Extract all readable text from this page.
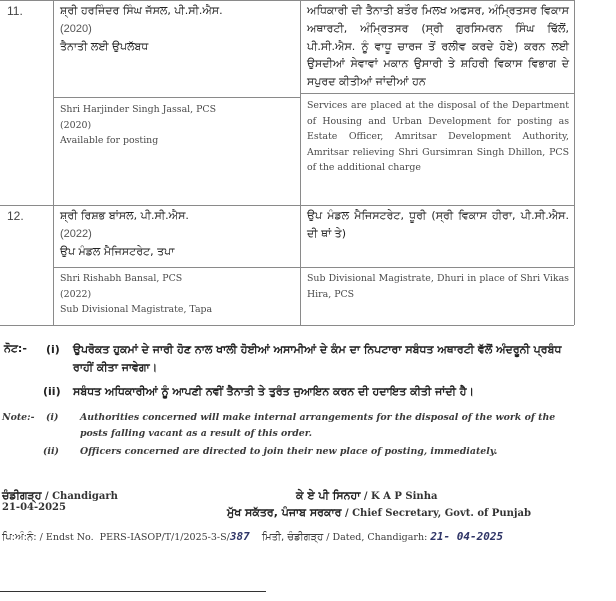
11.	ਸ਼੍ਰੀ ਹਰਜਿੰਦਰ ਸਿੰਘ ਜੱਸਲ, ਪੀ.ਸੀ.ਐਸ.
(2020)
ਤੈਨਾਤੀ ਲਈ ਉਪਲੱਬਧ
Shri Harjinder Singh Jassal, PCS
(2020)
Available for posting
ਅਧਿਕਾਰੀ ਦੀ ਤੈਨਾਤੀ ਬਤੌਰ ਮਿਲਖ ਅਫਸਰ, ਅੰਮ੍ਰਿਤਸਰ ਵਿਕਾਸ ਅਥਾਰਟੀ, ਅੰਮ੍ਰਿਤਸਰ (ਸ੍ਰੀ ਗੁਰਸਿਮਰਨ ਸਿੰਘ ਢਿੱਲੋਂ, ਪੀ.ਸੀ.ਐਸ. ਨੂੰ ਵਾਧੂ ਚਾਰਜ ਤੋਂ ਰਲੀਵ ਕਰਦੇ ਹੋਏ) ਕਰਨ ਲਈ ਉਸਦੀਆਂ ਸੇਵਾਵਾਂ ਮਕਾਨ ਉਸਾਰੀ ਤੇ ਸ਼ਹਿਰੀ ਵਿਕਾਸ ਵਿਭਾਗ ਦੇ ਸਪੁਰਦ ਕੀਤੀਆਂ ਜਾਂਦੀਆਂ ਹਨ
Services are placed at the disposal of the Department of Housing and Urban Development for posting as Estate Officer, Amritsar Development Authority, Amritsar relieving Shri Gursimran Singh Dhillon, PCS of the additional charge
12.	ਸ਼੍ਰੀ ਰਿਸ਼ਭ ਬਾਂਸਲ, ਪੀ.ਸੀ.ਐਸ.
(2022)
ਉਪ ਮੰਡਲ ਮੈਜਿਸਟਰੇਟ, ਤਪਾ
Shri Rishabh Bansal, PCS
(2022)
Sub Divisional Magistrate, Tapa
ਉਪ ਮੰਡਲ ਮੈਜਿਸਟਰੇਟ, ਧੂਰੀ (ਸ੍ਰੀ ਵਿਕਾਸ ਹੀਰਾ, ਪੀ.ਸੀ.ਐਸ. ਦੀ ਥਾਂ ਤੇ)
Sub Divisional Magistrate, Dhuri in place of Shri Vikas Hira, PCS
ਨੋਟ:- (i) ਉਪਰੋਕਤ ਹੁਕਮਾਂ ਦੇ ਜਾਰੀ ਹੋਣ ਨਾਲ ਖਾਲੀ ਹੋਈਆਂ ਅਸਾਮੀਆਂ ਦੇ ਕੰਮ ਦਾ ਨਿਪਟਾਰਾ ਸਬੰਧਤ ਅਥਾਰਟੀ ਵੱਲੋਂ ਅੰਦਰੂਨੀ ਪ੍ਰਬੰਧ ਰਾਹੀਂ ਕੀਤਾ ਜਾਵੇਗਾ।
(ii) ਸਬੰਧਤ ਅਧਿਕਾਰੀਆਂ ਨੂੰ ਆਪਣੀ ਨਵੀਂ ਤੈਨਾਤੀ ਤੇ ਤੁਰੰਤ ਜੁਆਇਨ ਕਰਨ ਦੀ ਹਦਾਇਤ ਕੀਤੀ ਜਾਂਦੀ ਹੈ।
Note:- (i) Authorities concerned will make internal arrangements for the disposal of the work of the posts falling vacant as a result of this order.
(ii) Officers concerned are directed to join their new place of posting, immediately.
ਚੰਡੀਗੜ੍ਹ / Chandigarh
21-04-2025
ਕੇ ਏ ਪੀ ਸਿਨਹਾ / K A P Sinha
ਮੁੱਖ ਸਕੱਤਰ, ਪੰਜਾਬ ਸਰਕਾਰ / Chief Secretary, Govt. of Punjab
ਪਿ:ਅੰ:ਨੰ: / Endst No. PERS-IASOP/T/1/2025-3-S/387 ਮਿਤੀ, ਚੰਡੀਗੜ੍ਹ / Dated, Chandigarh: 21- 04-2025
